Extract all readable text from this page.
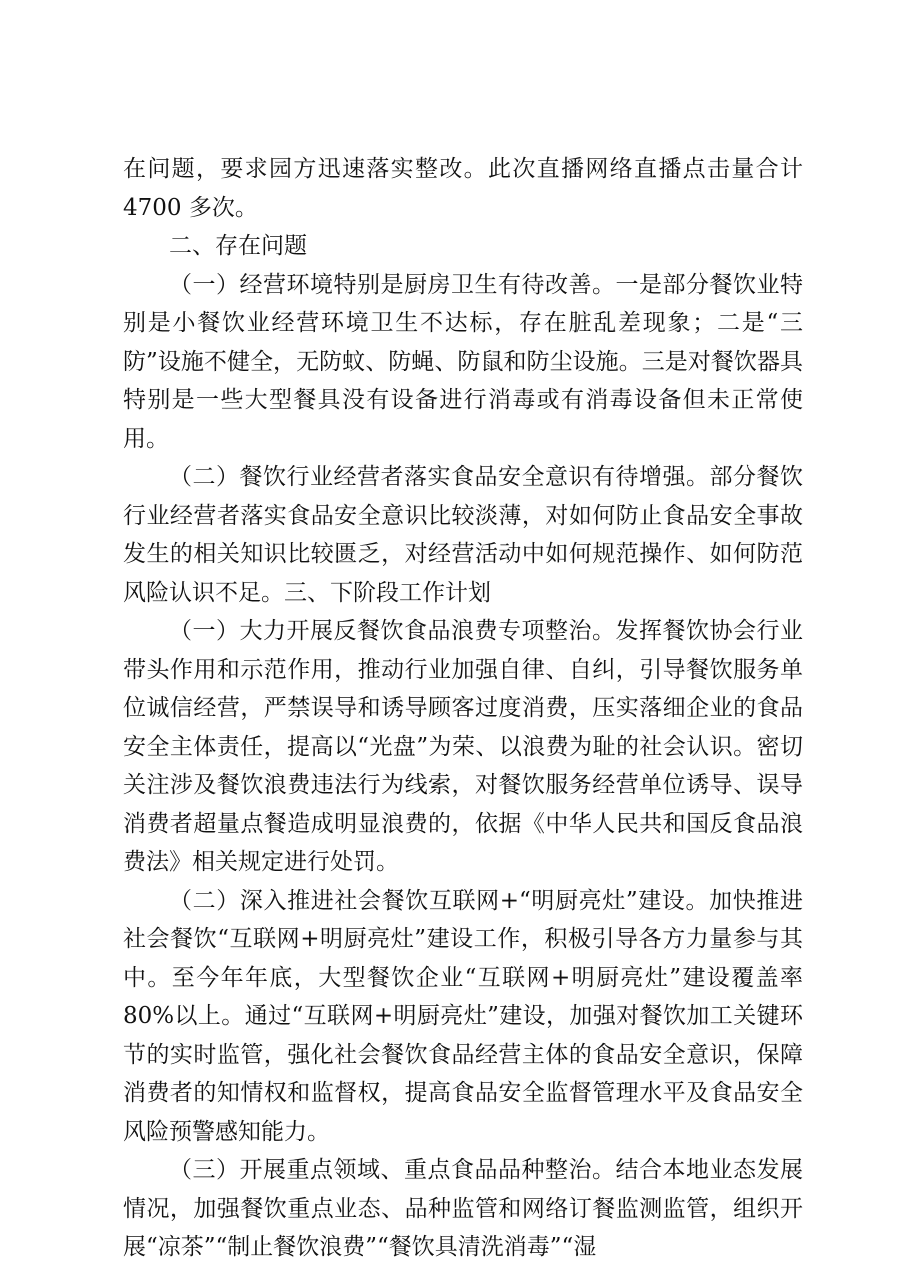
在问题，要求园方迅速落实整改。此次直播网络直播点击量合计 4700 多次。

二、存在问题

（一）经营环境特别是厨房卫生有待改善。一是部分餐饮业特别是小餐饮业经营环境卫生不达标，存在脏乱差现象；二是“三防”设施不健全，无防蚊、防蝇、防鼠和防尘设施。三是对餐饮器具特别是一些大型餐具没有设备进行消毒或有消毒设备但未正常使用。

（二）餐饮行业经营者落实食品安全意识有待增强。部分餐饮行业经营者落实食品安全意识比较淡薄，对如何防止食品安全事故发生的相关知识比较匮乏，对经营活动中如何规范操作、如何防范风险认识不足。三、下阶段工作计划

（一）大力开展反餐饮食品浪费专项整治。发挥餐饮协会行业带头作用和示范作用，推动行业加强自律、自纠，引导餐饮服务单位诚信经营，严禁误导和诱导顾客过度消费，压实落细企业的食品安全主体责任，提高以“光盘”为荣、以浪费为耻的社会认识。密切关注涉及餐饮浪费违法行为线索，对餐饮服务经营单位诱导、误导消费者超量点餐造成明显浪费的，依据《中华人民共和国反食品浪费法》相关规定进行处罚。

（二）深入推进社会餐饮互联网+“明厨亮灶”建设。加快推进社会餐饮“互联网+明厨亮灶”建设工作，积极引导各方力量参与其中。至今年年底，大型餐饮企业“互联网+明厨亮灶”建设覆盖率 80%以上。通过“互联网+明厨亮灶”建设，加强对餐饮加工关键环节的实时监管，强化社会餐饮食品经营主体的食品安全意识，保障消费者的知情权和监督权，提高食品安全监督管理水平及食品安全风险预警感知能力。

（三）开展重点领域、重点食品品种整治。结合本地业态发展情况，加强餐饮重点业态、品种监管和网络订餐监测监管，组织开展“凉茶”“制止餐饮浪费”“餐饮具清洗消毒”“湿
